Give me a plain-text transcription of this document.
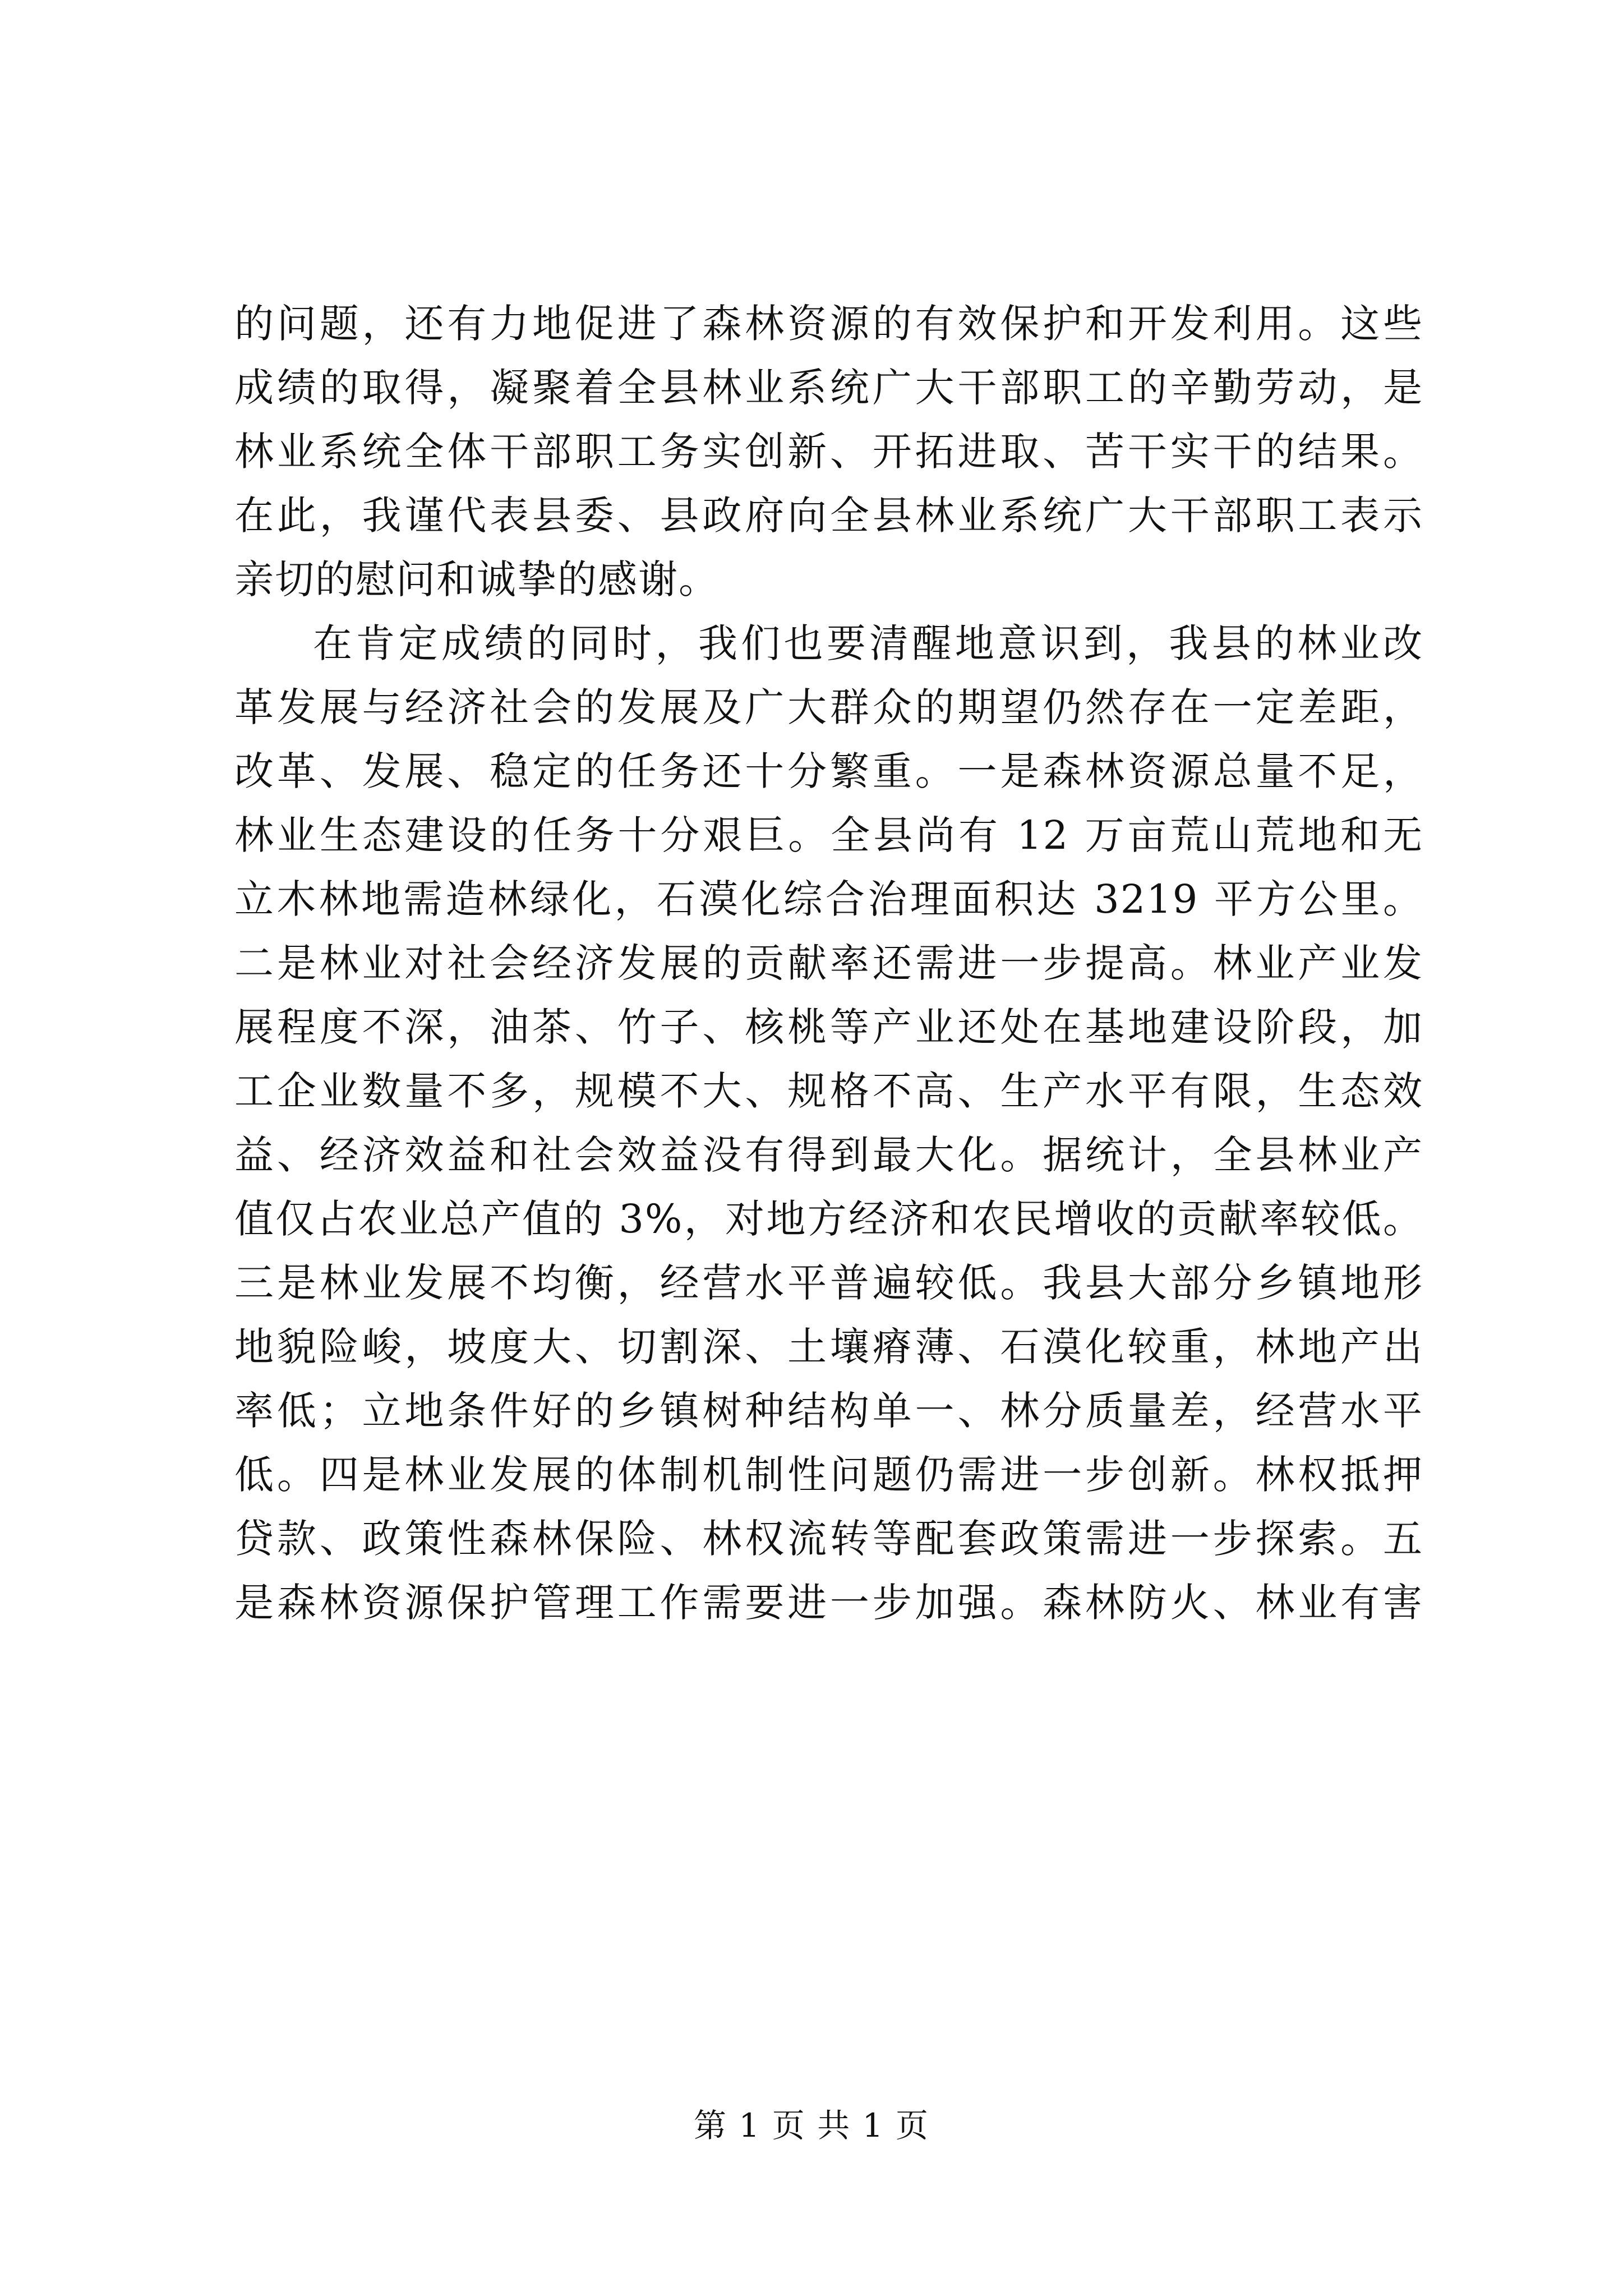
的问题，还有力地促进了森林资源的有效保护和开发利用。这些
成绩的取得，凝聚着全县林业系统广大干部职工的辛勤劳动，是
林业系统全体干部职工务实创新、开拓进取、苦干实干的结果。
在此，我谨代表县委、县政府向全县林业系统广大干部职工表示
亲切的慰问和诚挚的感谢。
在肯定成绩的同时，我们也要清醒地意识到，我县的林业改
革发展与经济社会的发展及广大群众的期望仍然存在一定差距，
改革、发展、稳定的任务还十分繁重。一是森林资源总量不足，
林业生态建设的任务十分艰巨。全县尚有 12 万亩荒山荒地和无
立木林地需造林绿化，石漠化综合治理面积达 3219 平方公里。
二是林业对社会经济发展的贡献率还需进一步提高。林业产业发
展程度不深，油茶、竹子、核桃等产业还处在基地建设阶段，加
工企业数量不多，规模不大、规格不高、生产水平有限，生态效
益、经济效益和社会效益没有得到最大化。据统计，全县林业产
值仅占农业总产值的 3%，对地方经济和农民增收的贡献率较低。
三是林业发展不均衡，经营水平普遍较低。我县大部分乡镇地形
地貌险峻，坡度大、切割深、土壤瘠薄、石漠化较重，林地产出
率低；立地条件好的乡镇树种结构单一、林分质量差，经营水平
低。四是林业发展的体制机制性问题仍需进一步创新。林权抵押
贷款、政策性森林保险、林权流转等配套政策需进一步探索。五
是森林资源保护管理工作需要进一步加强。森林防火、林业有害
第 1 页 共 1 页
